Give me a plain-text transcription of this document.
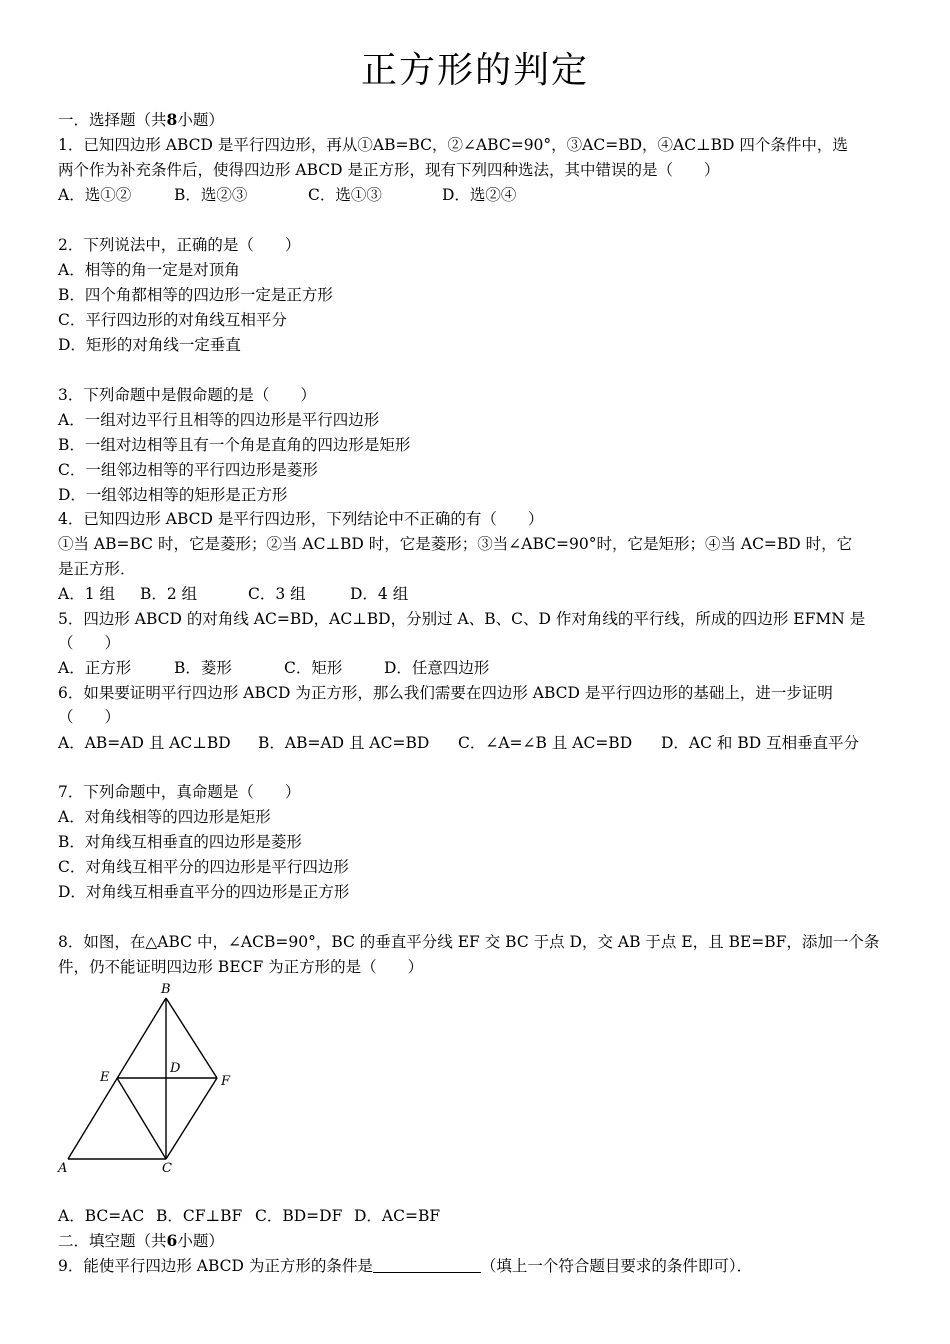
正方形的判定
一．选择题（共8小题）
1．已知四边形 ABCD 是平行四边形，再从①AB=BC，②∠ABC=90°，③AC=BD，④AC⊥BD 四个条件中，选
两个作为补充条件后，使得四边形 ABCD 是正方形，现有下列四种选法，其中错误的是（　　）
A．选①②	B．选②③	C．选①③	D．选②④
2．下列说法中，正确的是（　　）
A．相等的角一定是对顶角
B．四个角都相等的四边形一定是正方形
C．平行四边形的对角线互相平分
D．矩形的对角线一定垂直
3．下列命题中是假命题的是（　　）
A．一组对边平行且相等的四边形是平行四边形
B．一组对边相等且有一个角是直角的四边形是矩形
C．一组邻边相等的平行四边形是菱形
D．一组邻边相等的矩形是正方形
4．已知四边形 ABCD 是平行四边形，下列结论中不正确的有（　　）
①当 AB=BC 时，它是菱形；②当 AC⊥BD 时，它是菱形；③当∠ABC=90°时，它是矩形；④当 AC=BD 时，它
是正方形．
A．1 组 B．2 组	C．3 组	D．4 组
5．四边形 ABCD 的对角线 AC=BD，AC⊥BD，分别过 A、B、C、D 作对角线的平行线，所成的四边形 EFMN 是
（　　）
A．正方形	B．菱形	C．矩形	D．任意四边形
6．如果要证明平行四边形 ABCD 为正方形，那么我们需要在四边形 ABCD 是平行四边形的基础上，进一步证明
（　　）
A．AB=AD 且 AC⊥BD B．AB=AD 且 AC=BD C．∠A=∠B 且 AC=BD D．AC 和 BD 互相垂直平分
7．下列命题中，真命题是（　　）
A．对角线相等的四边形是矩形
B．对角线互相垂直的四边形是菱形
C．对角线互相平分的四边形是平行四边形
D．对角线互相垂直平分的四边形是正方形
8．如图，在△ABC 中，∠ACB=90°，BC 的垂直平分线 EF 交 BC 于点 D，交 AB 于点 E，且 BE=BF，添加一个条
件，仍不能证明四边形 BECF 为正方形的是（　　）
B
D
E	F
A	C
A．BC=AC B．CF⊥BF C．BD=DF D．AC=BF
二．填空题（共6小题）
9．能使平行四边形 ABCD 为正方形的条件是	（填上一个符合题目要求的条件即可）．
